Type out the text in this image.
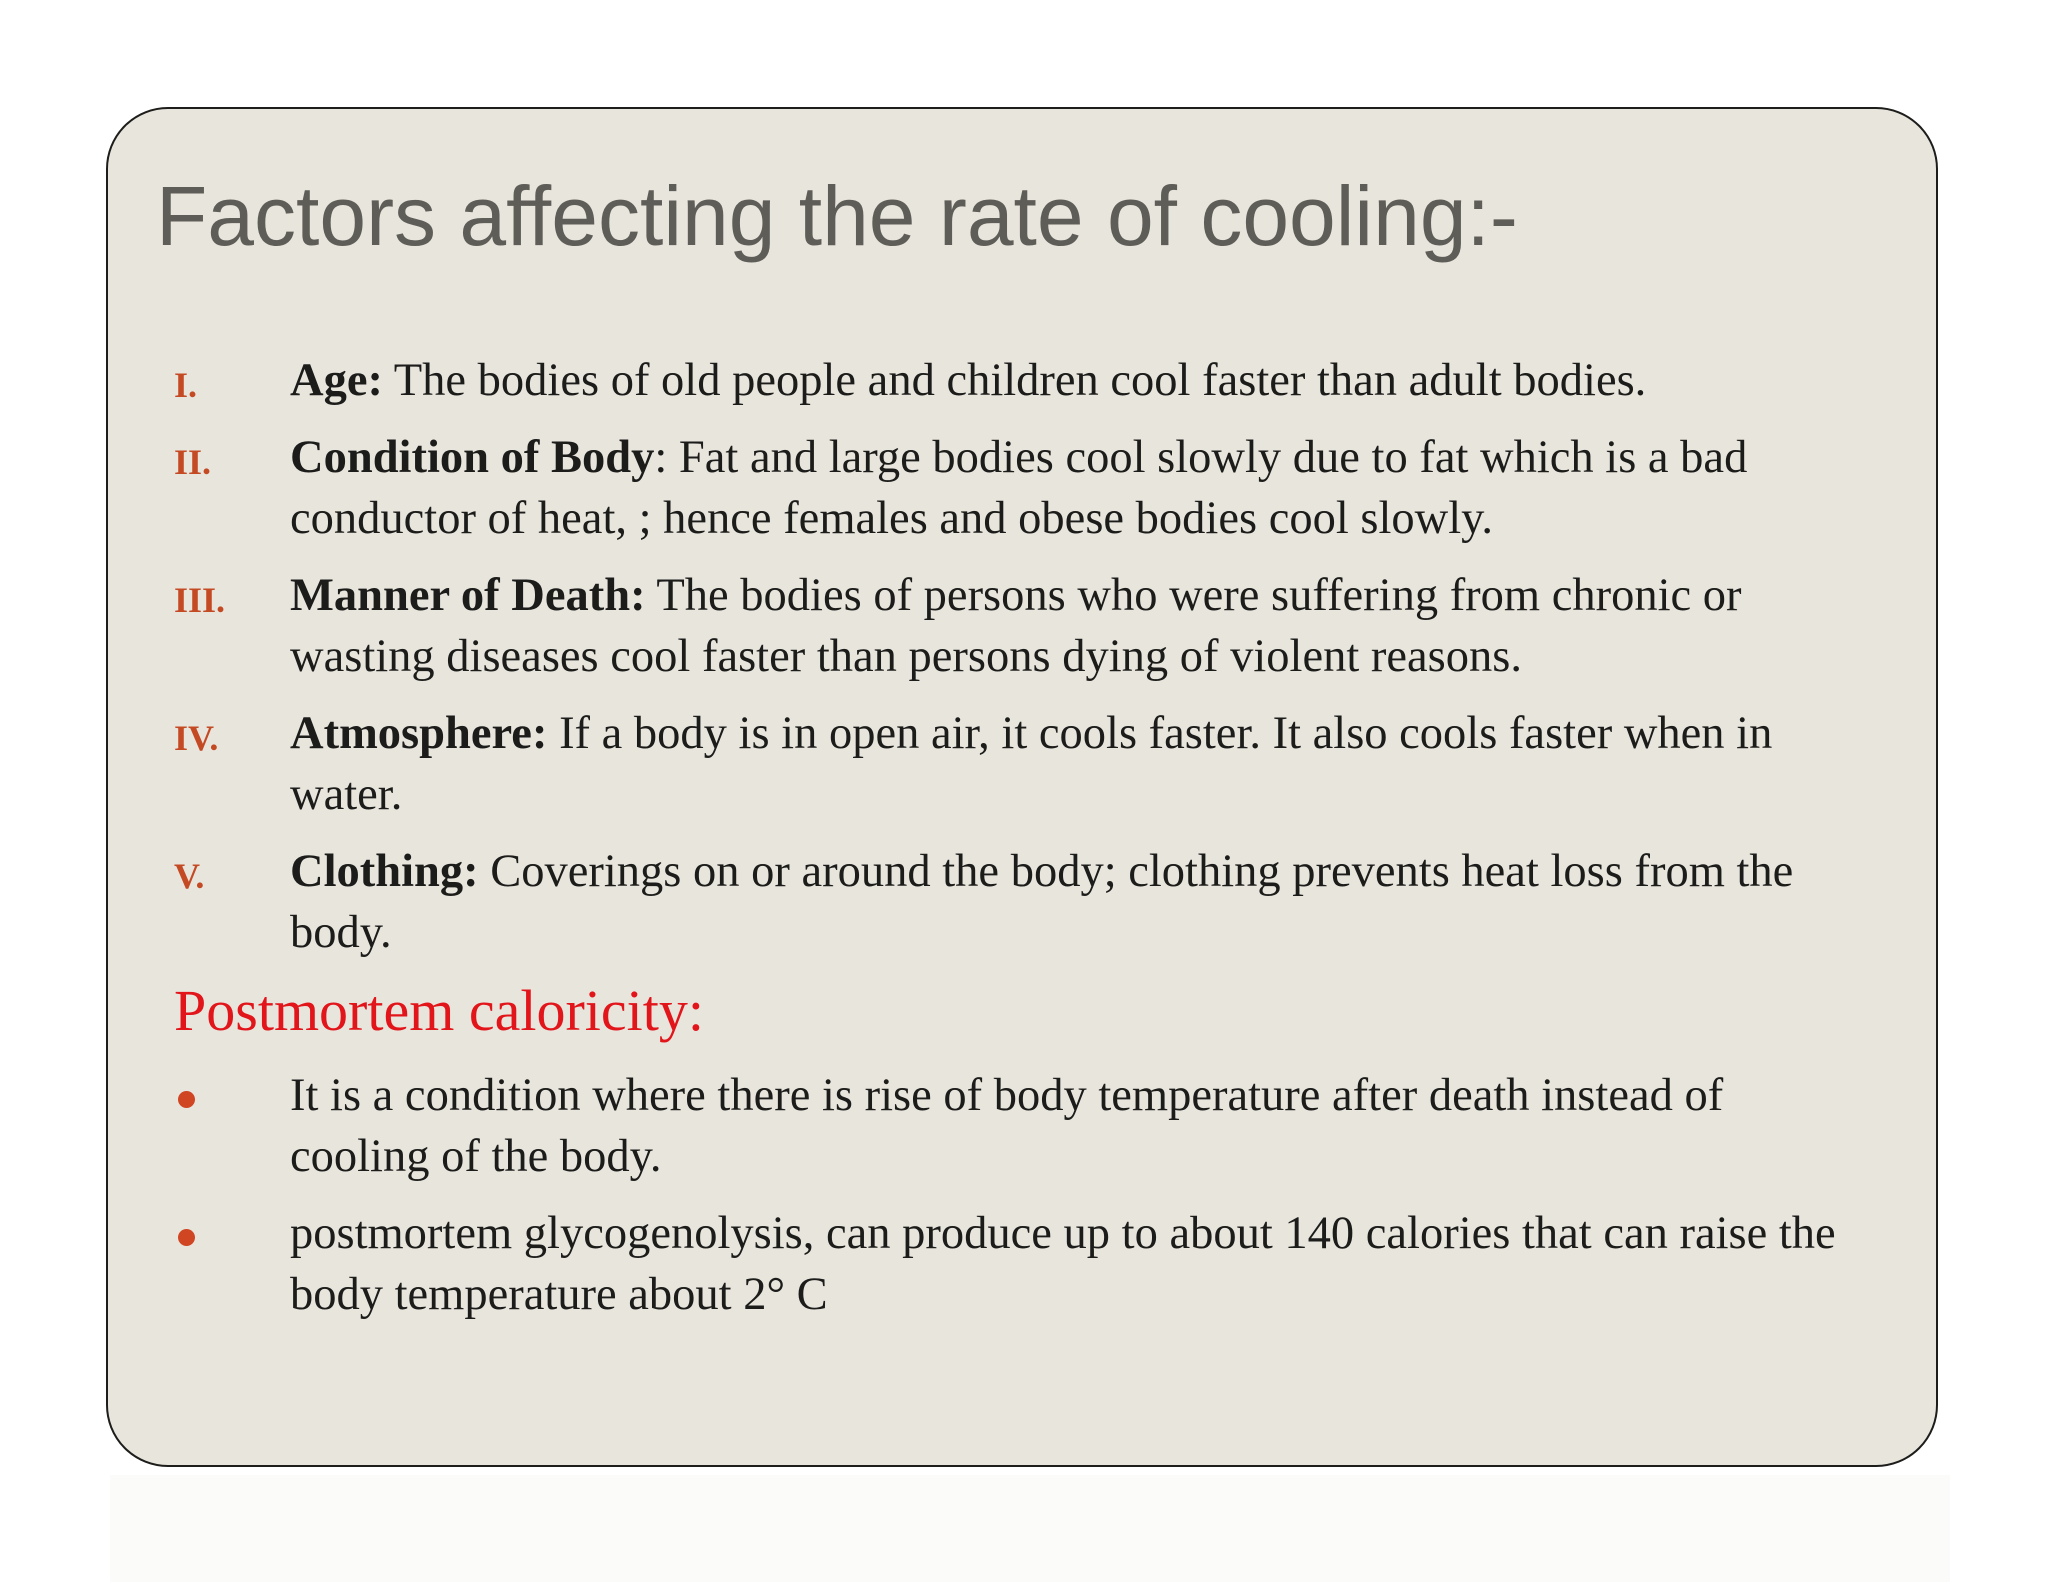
Factors affecting the rate of cooling:-
I. Age: The bodies of old people and children cool faster than adult bodies.
II. Condition of Body: Fat and large bodies cool slowly due to fat which is a bad conductor of heat, ; hence females and obese bodies cool slowly.
III. Manner of Death: The bodies of persons who were suffering from chronic or wasting diseases cool faster than persons dying of violent reasons.
IV. Atmosphere: If a body is in open air, it cools faster. It also cools faster when in water.
V. Clothing: Coverings on or around the body; clothing prevents heat loss from the body.
Postmortem caloricity:
It is a condition where there is rise of body temperature after death instead of cooling of the body.
postmortem glycogenolysis, can produce up to about 140 calories that can raise the body temperature about 2° C
